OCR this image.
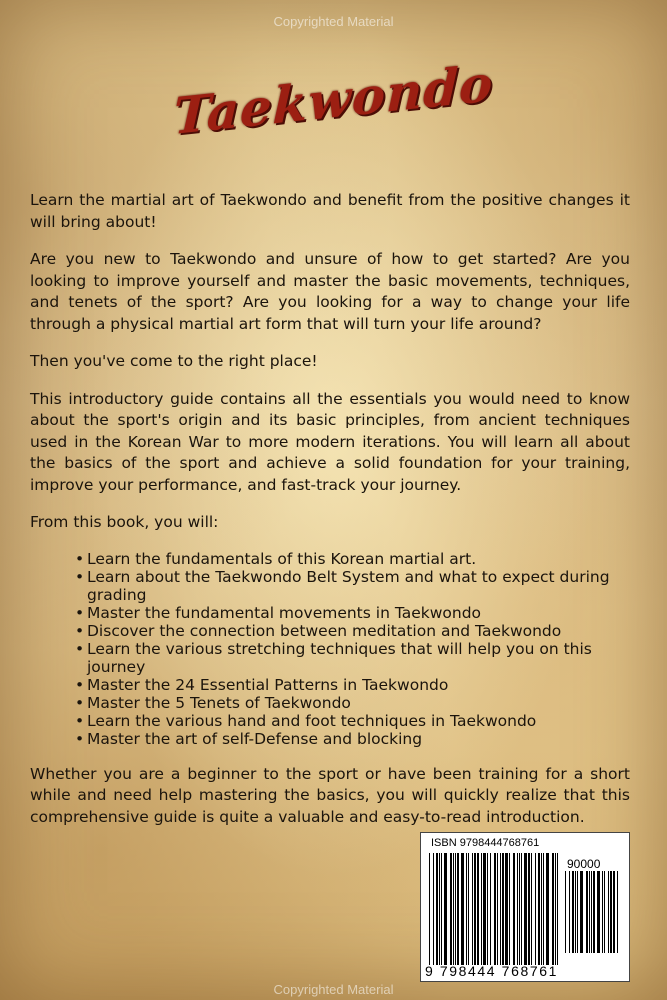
Copyrighted Material
Taekwondo

Learn the martial art of Taekwondo and benefit from the positive changes it will bring about!

Are you new to Taekwondo and unsure of how to get started? Are you looking to improve yourself and master the basic movements, techniques, and tenets of the sport? Are you looking for a way to change your life through a physical martial art form that will turn your life around?

Then you've come to the right place!

This introductory guide contains all the essentials you would need to know about the sport's origin and its basic principles, from ancient techniques used in the Korean War to more modern iterations. You will learn all about the basics of the sport and achieve a solid foundation for your training, improve your performance, and fast-track your journey.

From this book, you will:

• Learn the fundamentals of this Korean martial art.
• Learn about the Taekwondo Belt System and what to expect during grading
• Master the fundamental movements in Taekwondo
• Discover the connection between meditation and Taekwondo
• Learn the various stretching techniques that will help you on this journey
• Master the 24 Essential Patterns in Taekwondo
• Master the 5 Tenets of Taekwondo
• Learn the various hand and foot techniques in Taekwondo
• Master the art of self-Defense and blocking

Whether you are a beginner to the sport or have been training for a short while and need help mastering the basics, you will quickly realize that this comprehensive guide is quite a valuable and easy-to-read introduction.

ISBN 9798444768761
90000
9 798444 768761
Copyrighted Material
